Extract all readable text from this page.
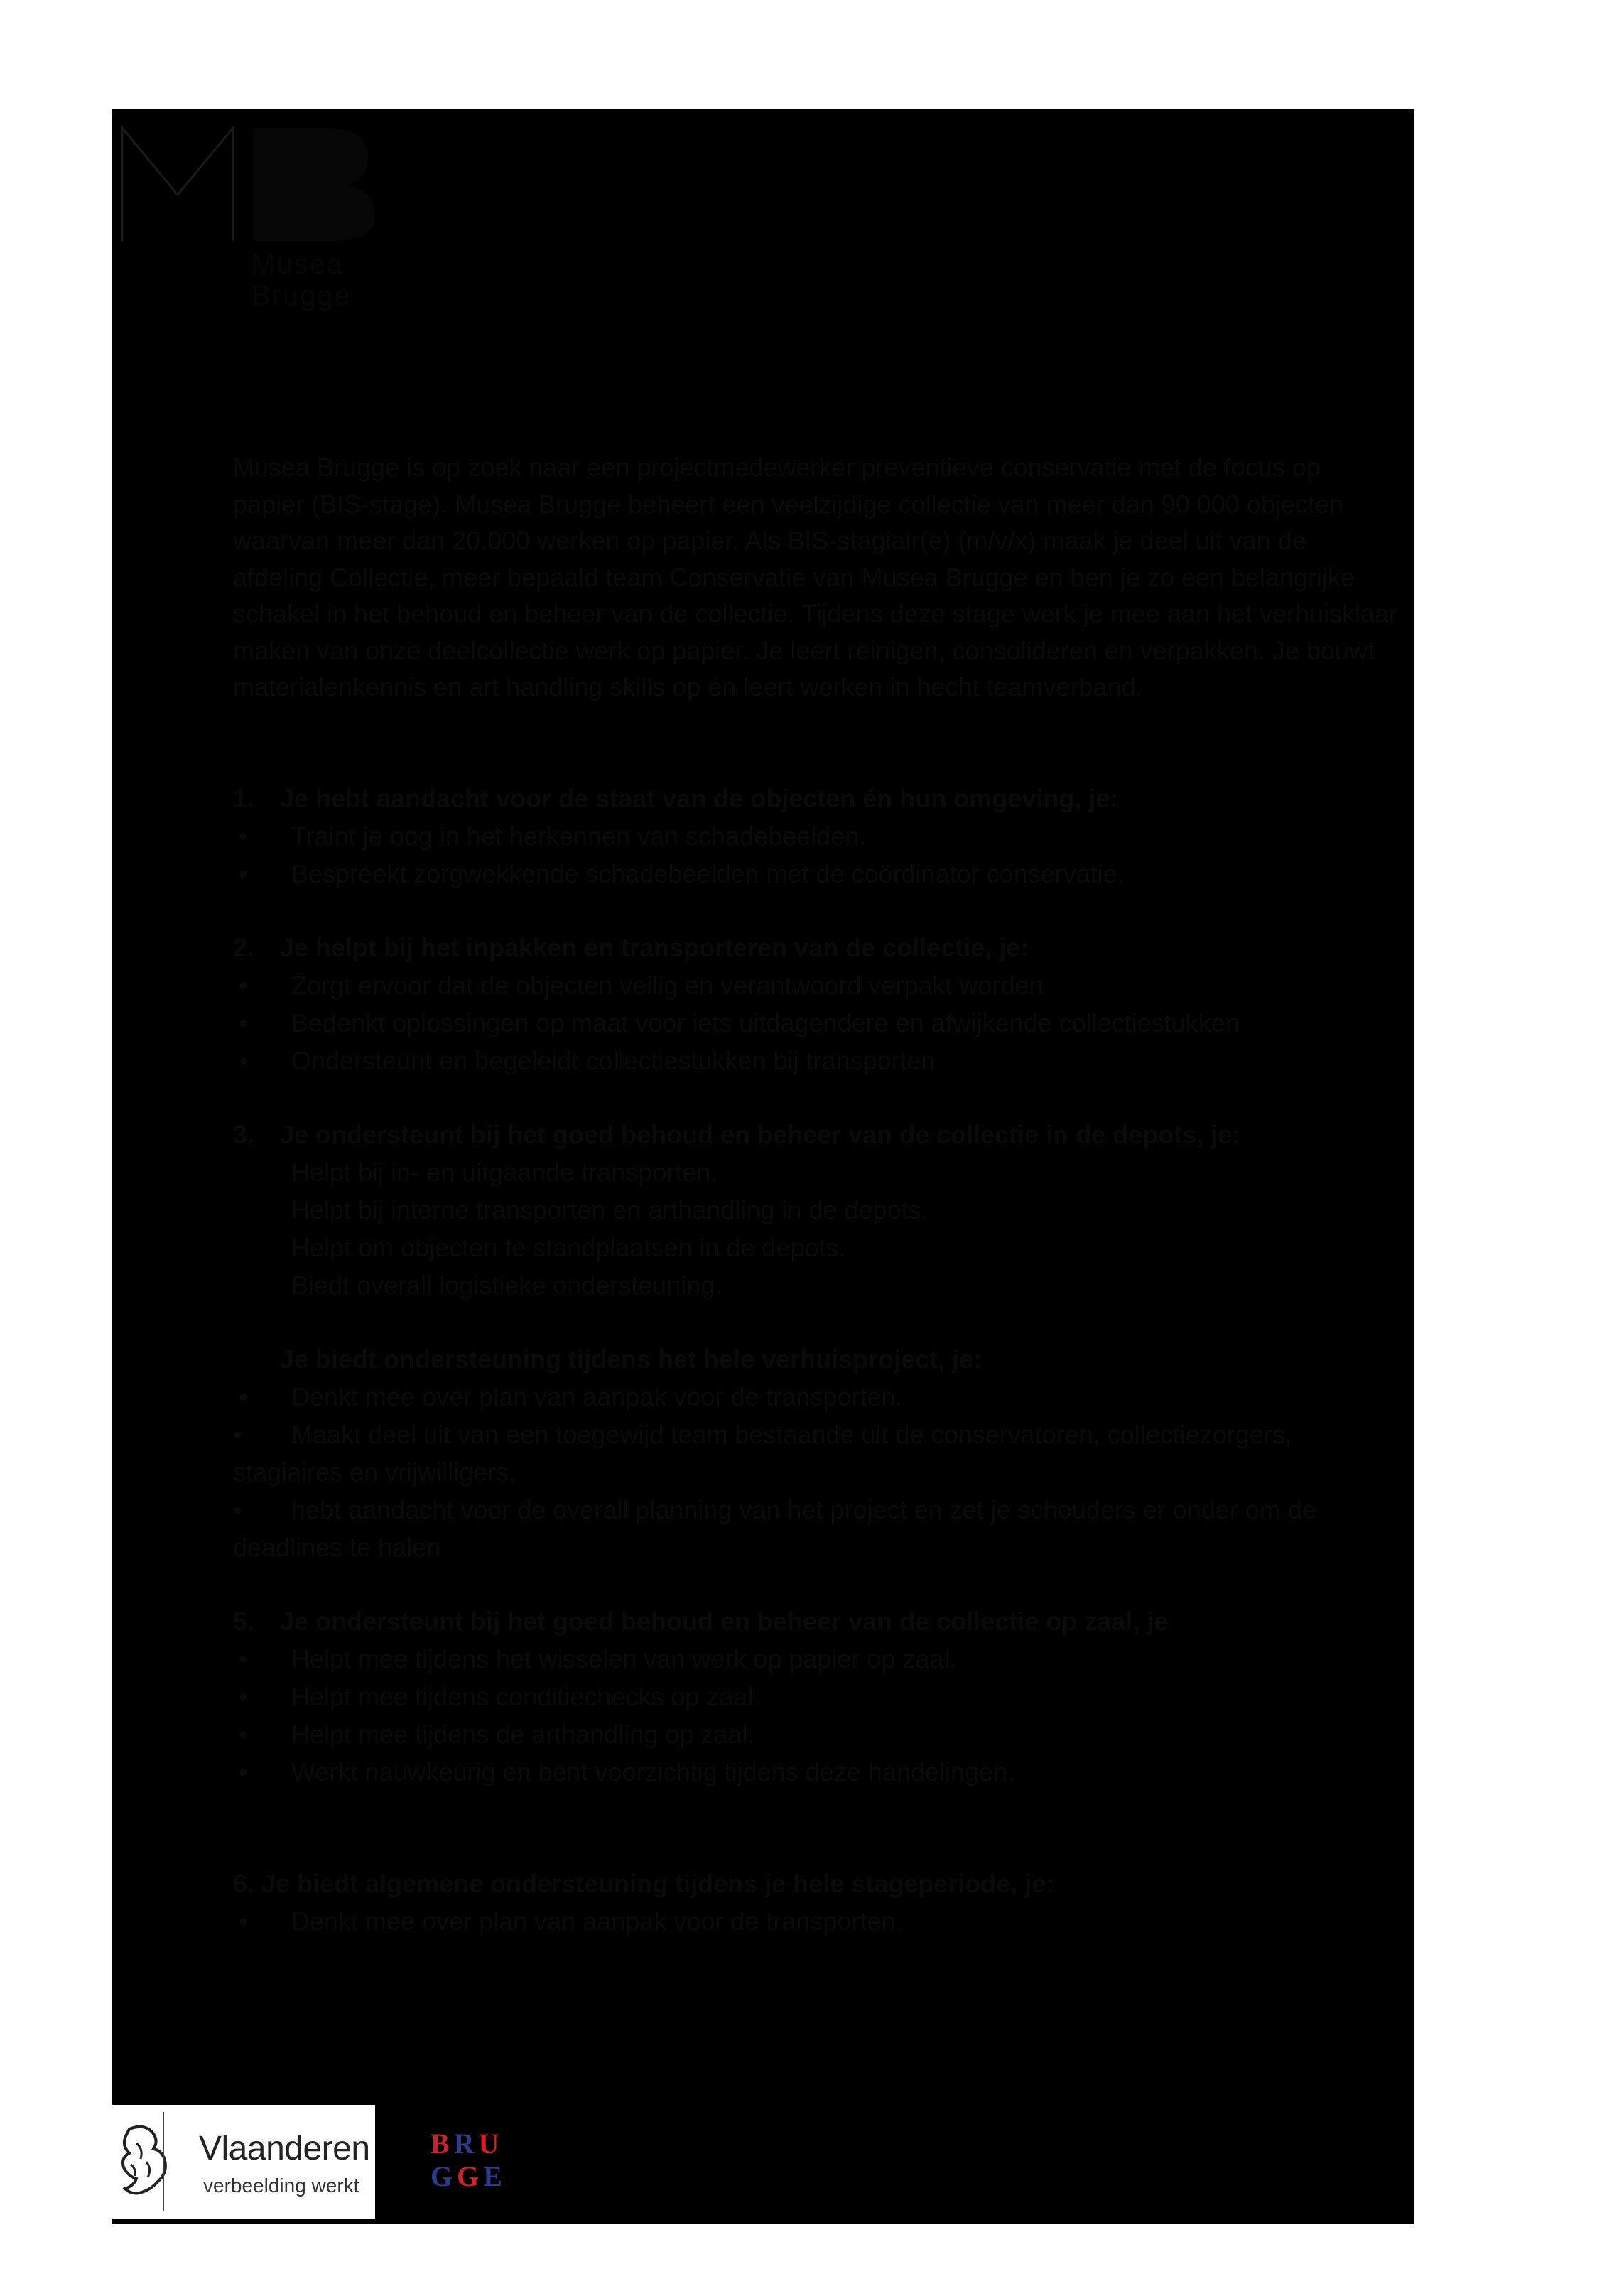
Musea
Brugge

Musea Brugge is op zoek naar een projectmedewerker preventieve conservatie met de focus op papier (BIS-stage). Musea Brugge beheert een veelzijdige collectie van meer dan 90 000 objecten waarvan meer dan 20.000 werken op papier. Als BIS-stagiair(e) (m/v/x) maak je deel uit van de afdeling Collectie, meer bepaald team Conservatie van Musea Brugge en ben je zo een belangrijke schakel in het behoud en beheer van de collectie. Tijdens deze stage werk je mee aan het verhuisklaar maken van onze deelcollectie werk op papier. Je leert reinigen, consolideren en verpakken. Je bouwt materialenkennis en art handling skills op én leert werken in hecht teamverband.

1. Je hebt aandacht voor de staat van de objecten én hun omgeving, je:
•	Traint je oog in het herkennen van schadebeelden.
•	Bespreekt zorgwekkende schadebeelden met de coördinator conservatie.
2. Je helpt bij het inpakken en transporteren van de collectie, je:
•	Zorgt ervoor dat de objecten veilig en verantwoord verpakt worden
•	Bedenkt oplossingen op maat voor iets uitdagendere en afwijkende collectiestukken
•	Ondersteunt en begeleidt collectiestukken bij transporten
3. Je ondersteunt bij het goed behoud en beheer van de collectie in de depots, je:
Helpt bij in- en uitgaande transporten.
Helpt bij interne transporten en arthandling in de depots.
Helpt om objecten te standplaatsen in de depots.
Biedt overall logistieke ondersteuning.
Je biedt ondersteuning tijdens het hele verhuisproject, je:
•	Denkt mee over plan van aanpak voor de transporten.
• Maakt deel uit van een toegewijd team bestaande uit de conservatoren, collectiezorgers, stagiaires en vrijwilligers.
• hebt aandacht voor de overall planning van het project en zet je schouders er onder om de deadlines te halen
5. Je ondersteunt bij het goed behoud en beheer van de collectie op zaal, je
•	Helpt mee tijdens het wisselen van werk op papier op zaal.
•	Helpt mee tijdens conditiechecks op zaal.
•	Helpt mee tijdens de arthandling op zaal.
•	Werkt nauwkeurig en bent voorzichtig tijdens deze handelingen.
6. Je biedt algemene ondersteuning tijdens je hele stageperiode, je:
•	Denkt mee over plan van aanpak voor de transporten.
Vlaanderen
verbeelding werkt
BRU
GGE
